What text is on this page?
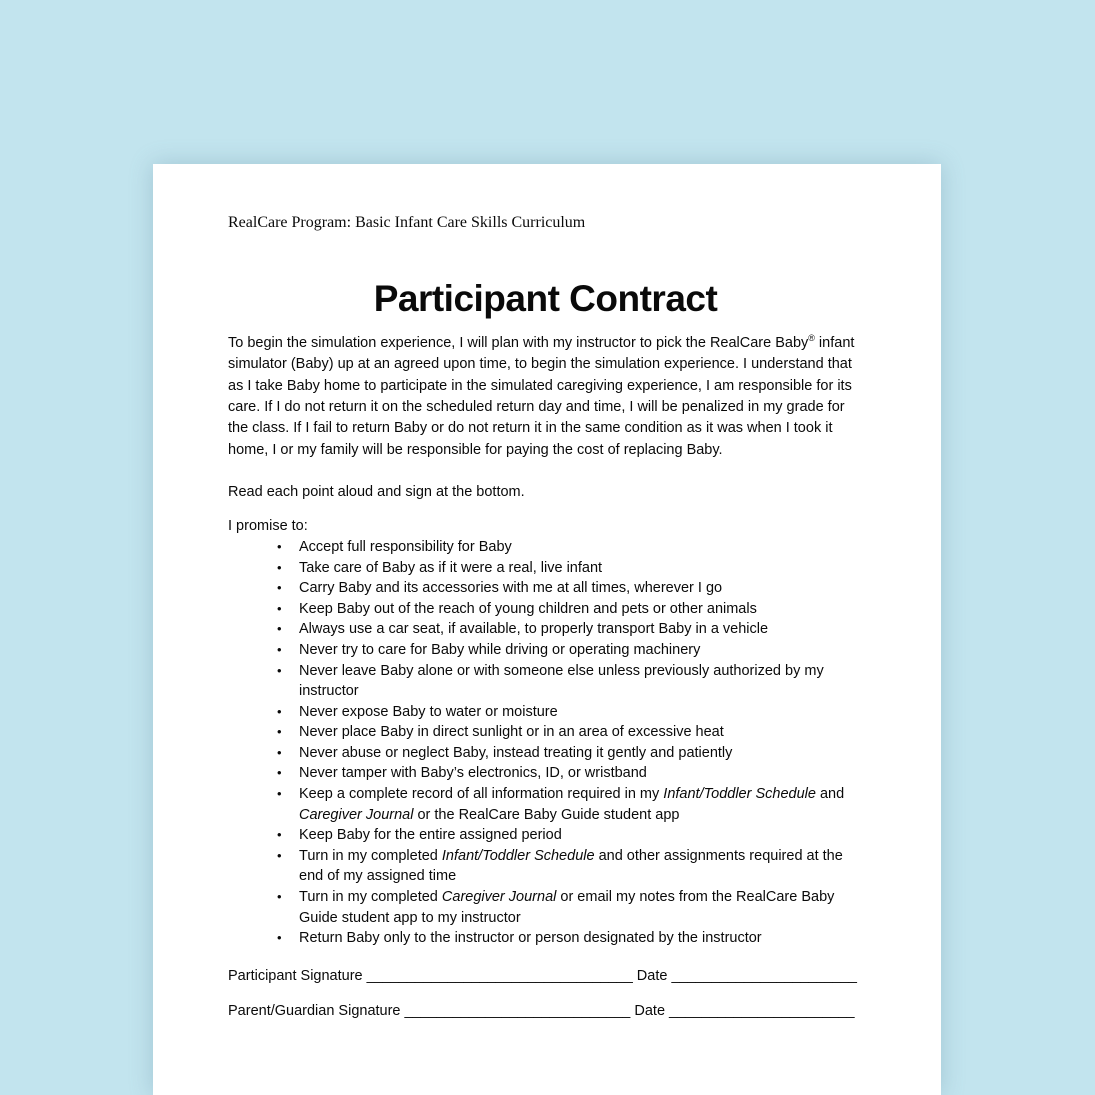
RealCare Program: Basic Infant Care Skills Curriculum

Participant Contract

To begin the simulation experience, I will plan with my instructor to pick the RealCare Baby® infant simulator (Baby) up at an agreed upon time, to begin the simulation experience. I understand that as I take Baby home to participate in the simulated caregiving experience, I am responsible for its care. If I do not return it on the scheduled return day and time, I will be penalized in my grade for the class. If I fail to return Baby or do not return it in the same condition as it was when I took it home, I or my family will be responsible for paying the cost of replacing Baby.

Read each point aloud and sign at the bottom.

I promise to:

•	Accept full responsibility for Baby
•	Take care of Baby as if it were a real, live infant
•	Carry Baby and its accessories with me at all times, wherever I go
•	Keep Baby out of the reach of young children and pets or other animals
•	Always use a car seat, if available, to properly transport Baby in a vehicle
•	Never try to care for Baby while driving or operating machinery
•	Never leave Baby alone or with someone else unless previously authorized by my instructor
•	Never expose Baby to water or moisture
•	Never place Baby in direct sunlight or in an area of excessive heat
•	Never abuse or neglect Baby, instead treating it gently and patiently
•	Never tamper with Baby’s electronics, ID, or wristband
•	Keep a complete record of all information required in my Infant/Toddler Schedule and Caregiver Journal or the RealCare Baby Guide student app
•	Keep Baby for the entire assigned period
•	Turn in my completed Infant/Toddler Schedule and other assignments required at the end of my assigned time
•	Turn in my completed Caregiver Journal or email my notes from the RealCare Baby Guide student app to my instructor
•	Return Baby only to the instructor or person designated by the instructor

Participant Signature _________________________________ Date _______________________

Parent/Guardian Signature ____________________________ Date _______________________
